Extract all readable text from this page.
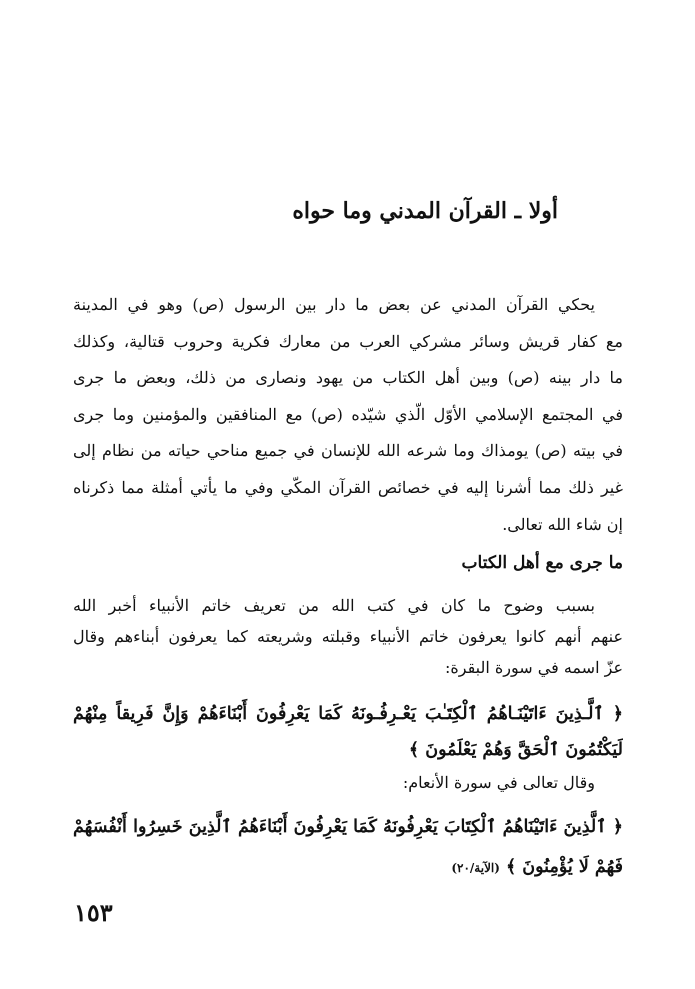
أولا ـ القرآن المدني وما حواه
يحكي القرآن المدني عن بعض ما دار بين الرسول (ص) وهو في المدينة
مع كفار قريش وسائر مشركي العرب من معارك فكرية وحروب قتالية، وكذلك
ما دار بينه (ص) وبين أهل الكتاب من يهود ونصارى من ذلك، وبعض ما جرى
في المجتمع الإسلامي الأوّل الّذي شيّده (ص) مع المنافقين والمؤمنين وما جرى
في بيته (ص) يومذاك وما شرعه الله للإنسان في جميع مناحي حياته من نظام إلى
غير ذلك مما أشرنا إليه في خصائص القرآن المكّي وفي ما يأتي أمثلة مما ذكرناه
إن شاء الله تعالى.
ما جرى مع أهل الكتاب
بسبب وضوح ما كان في كتب الله من تعريف خاتم الأنبياء أخبر الله
عنهم أنهم كانوا يعرفون خاتم الأنبياء وقبلته وشريعته كما يعرفون أبناءهم وقال
عزّ اسمه في سورة البقرة:
﴿ ٱلَّـذِينَ ءَاتَيْنَـاهُمُ ٱلْكِتَـٰبَ يَعْـرِفُـونَهُ كَمَا يَعْرِفُونَ أَبْنَاءَهُمْ وَإِنَّ فَرِيقاً مِنْهُمْ
لَيَكْتُمُونَ ٱلْحَقَّ وَهُمْ يَعْلَمُونَ ﴾
وقال تعالى في سورة الأنعام:
﴿ ٱلَّذِينَ ءَاتَيْنَاهُمُ ٱلْكِتَابَ يَعْرِفُونَهُ كَمَا يَعْرِفُونَ أَبْنَاءَهُمُ ٱلَّذِينَ خَسِرُوا أَنْفُسَهُمْ
فَهُمْ لَا يُؤْمِنُونَ ﴾(الآية/٢٠)
١٥٣
